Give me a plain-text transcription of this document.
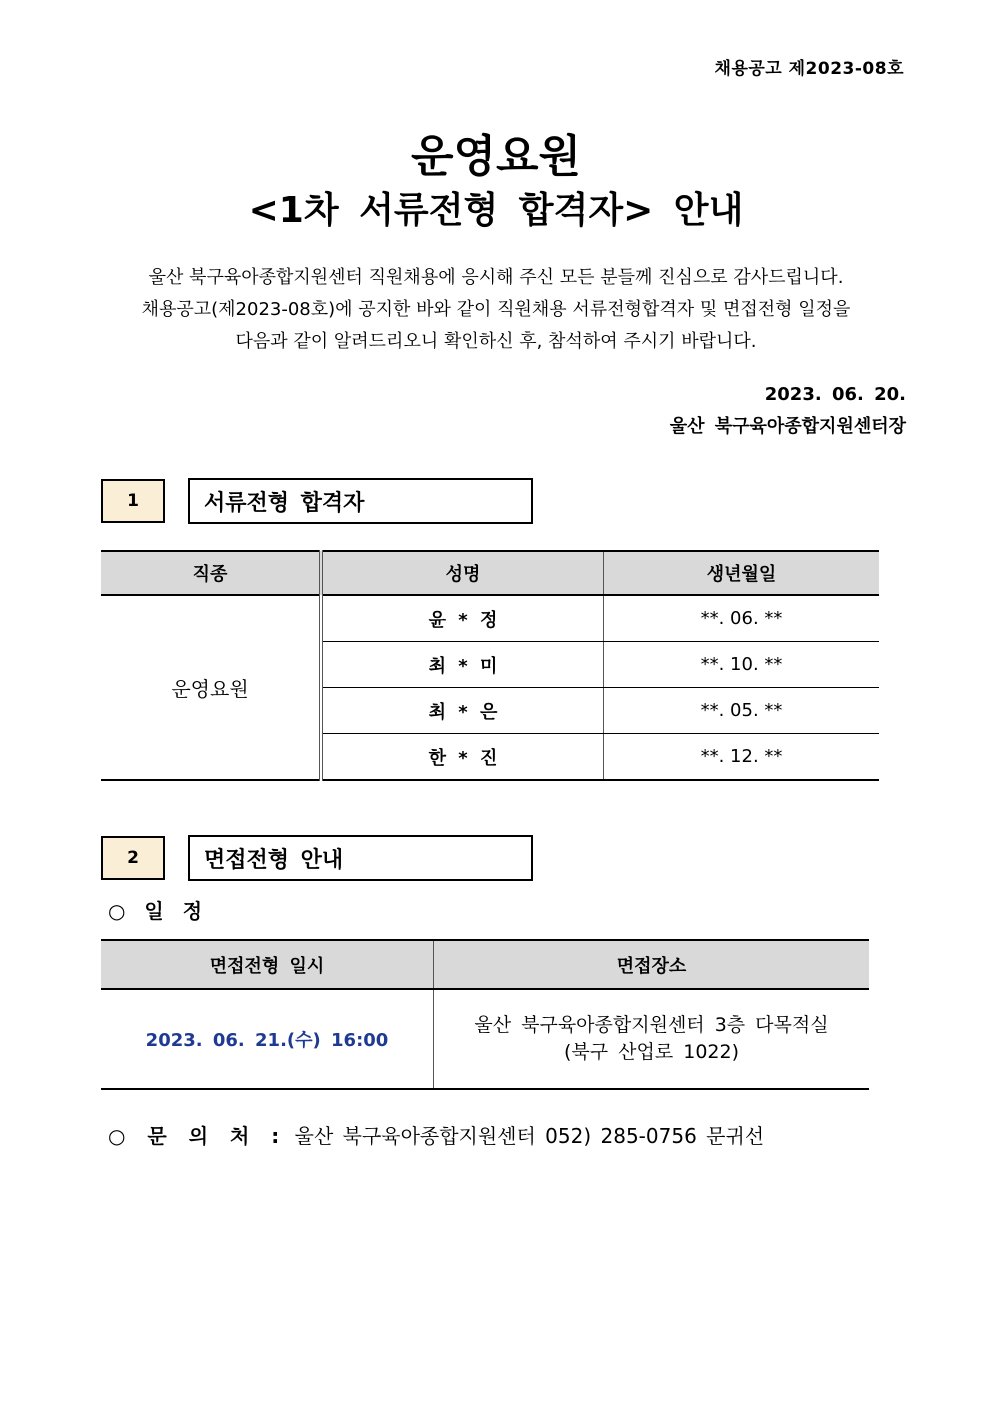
채용공고 제2023-08호
운영요원
<1차 서류전형 합격자> 안내
울산 북구육아종합지원센터 직원채용에 응시해 주신 모든 분들께 진심으로 감사드립니다.
채용공고(제2023-08호)에 공지한 바와 같이 직원채용 서류전형합격자 및 면접전형 일정을
다음과 같이 알려드리오니 확인하신 후, 참석하여 주시기 바랍니다.
2023. 06. 20.
울산 북구육아종합지원센터장
1	서류전형 합격자
직종	성명	생년월일
운영요원	윤 * 정	**. 06. **
	최 * 미	**. 10. **
	최 * 은	**. 05. **
	한 * 진	**. 12. **
2	면접전형 안내
○ 일 정
면접전형 일시	면접장소
2023. 06. 21.(수) 16:00	울산 북구육아종합지원센터 3층 다목적실
(북구 산업로 1022)
○ 문 의 처 : 울산 북구육아종합지원센터 052) 285-0756 문귀선
